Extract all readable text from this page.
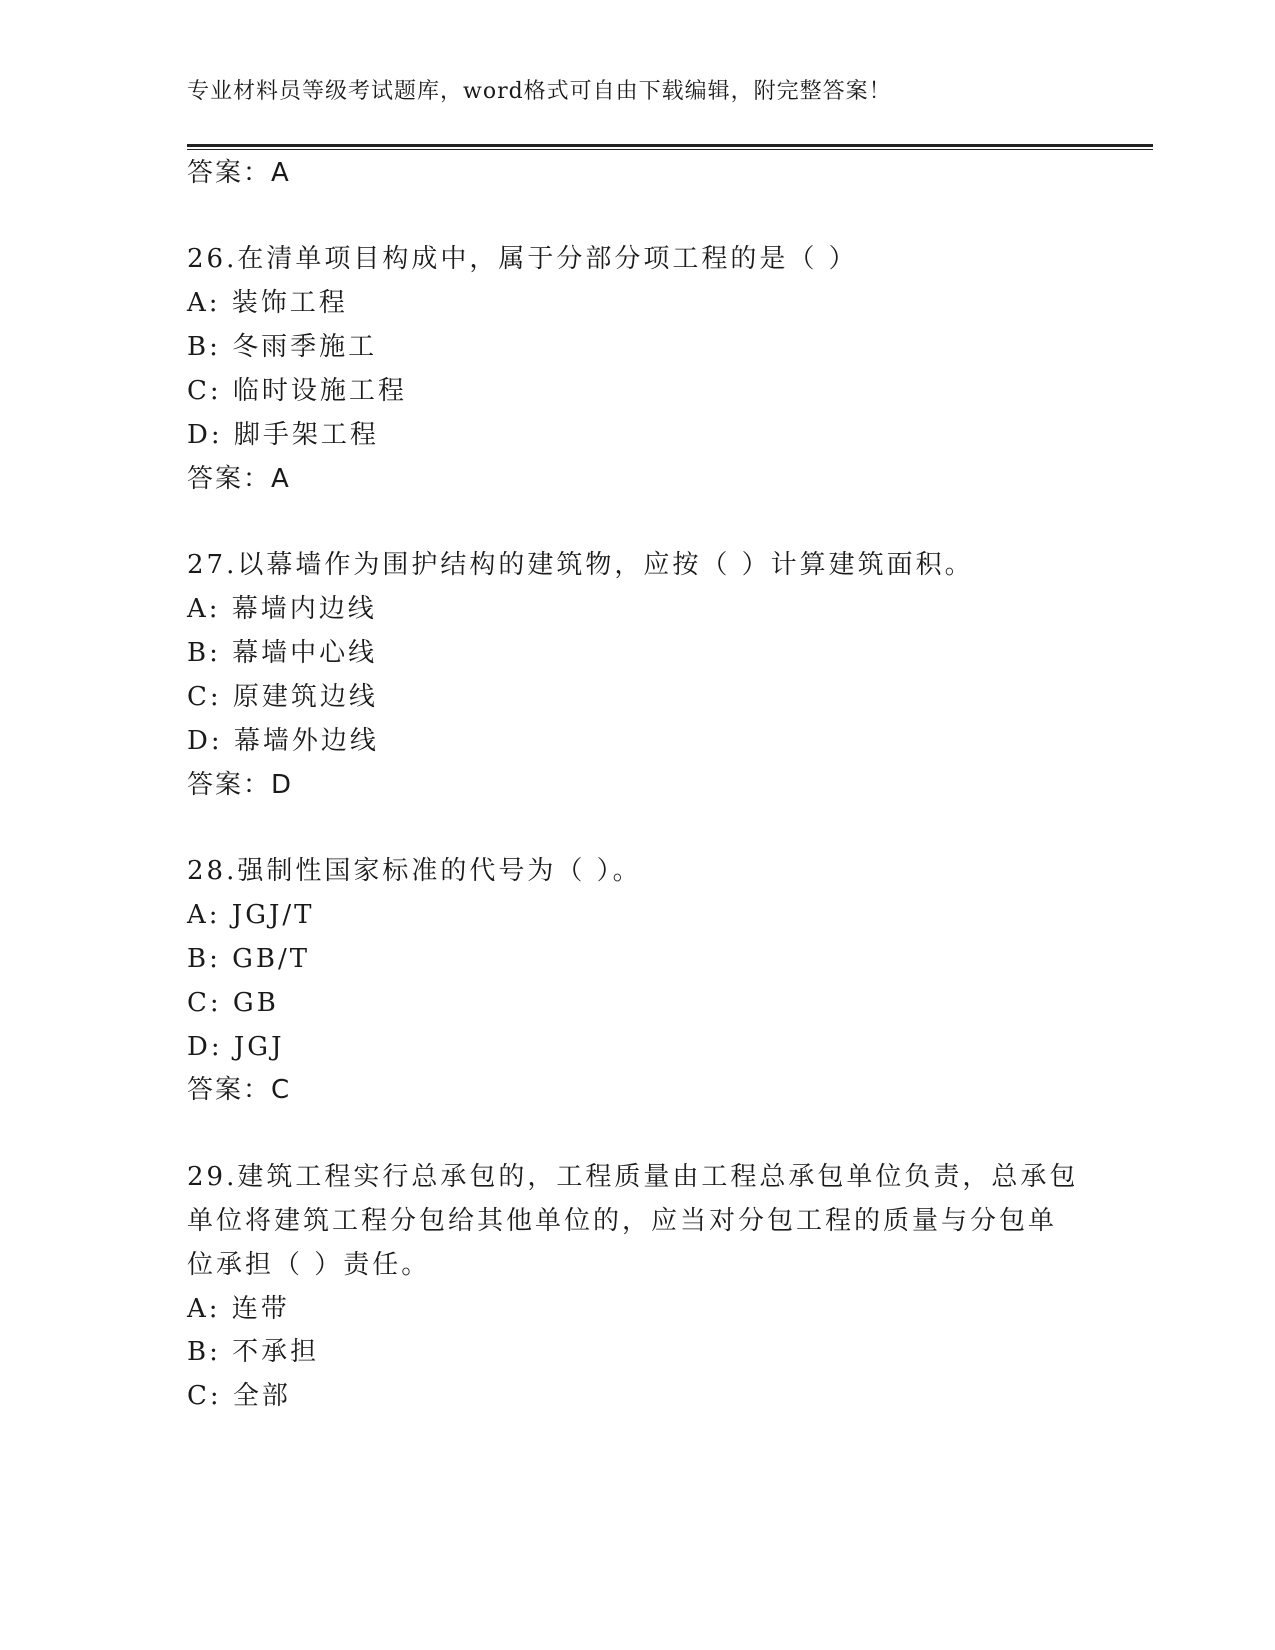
专业材料员等级考试题库，word格式可自由下载编辑，附完整答案！
答案：A
26.在清单项目构成中，属于分部分项工程的是（ ）
A: 装饰工程
B: 冬雨季施工
C: 临时设施工程
D: 脚手架工程
答案：A
27.以幕墙作为围护结构的建筑物，应按（ ）计算建筑面积。
A: 幕墙内边线
B: 幕墙中心线
C: 原建筑边线
D: 幕墙外边线
答案：D
28.强制性国家标准的代号为（ ）。
A: JGJ/T
B: GB/T
C: GB
D: JGJ
答案：C
29.建筑工程实行总承包的，工程质量由工程总承包单位负责，总承包
单位将建筑工程分包给其他单位的，应当对分包工程的质量与分包单
位承担（ ）责任。
A: 连带
B: 不承担
C: 全部
